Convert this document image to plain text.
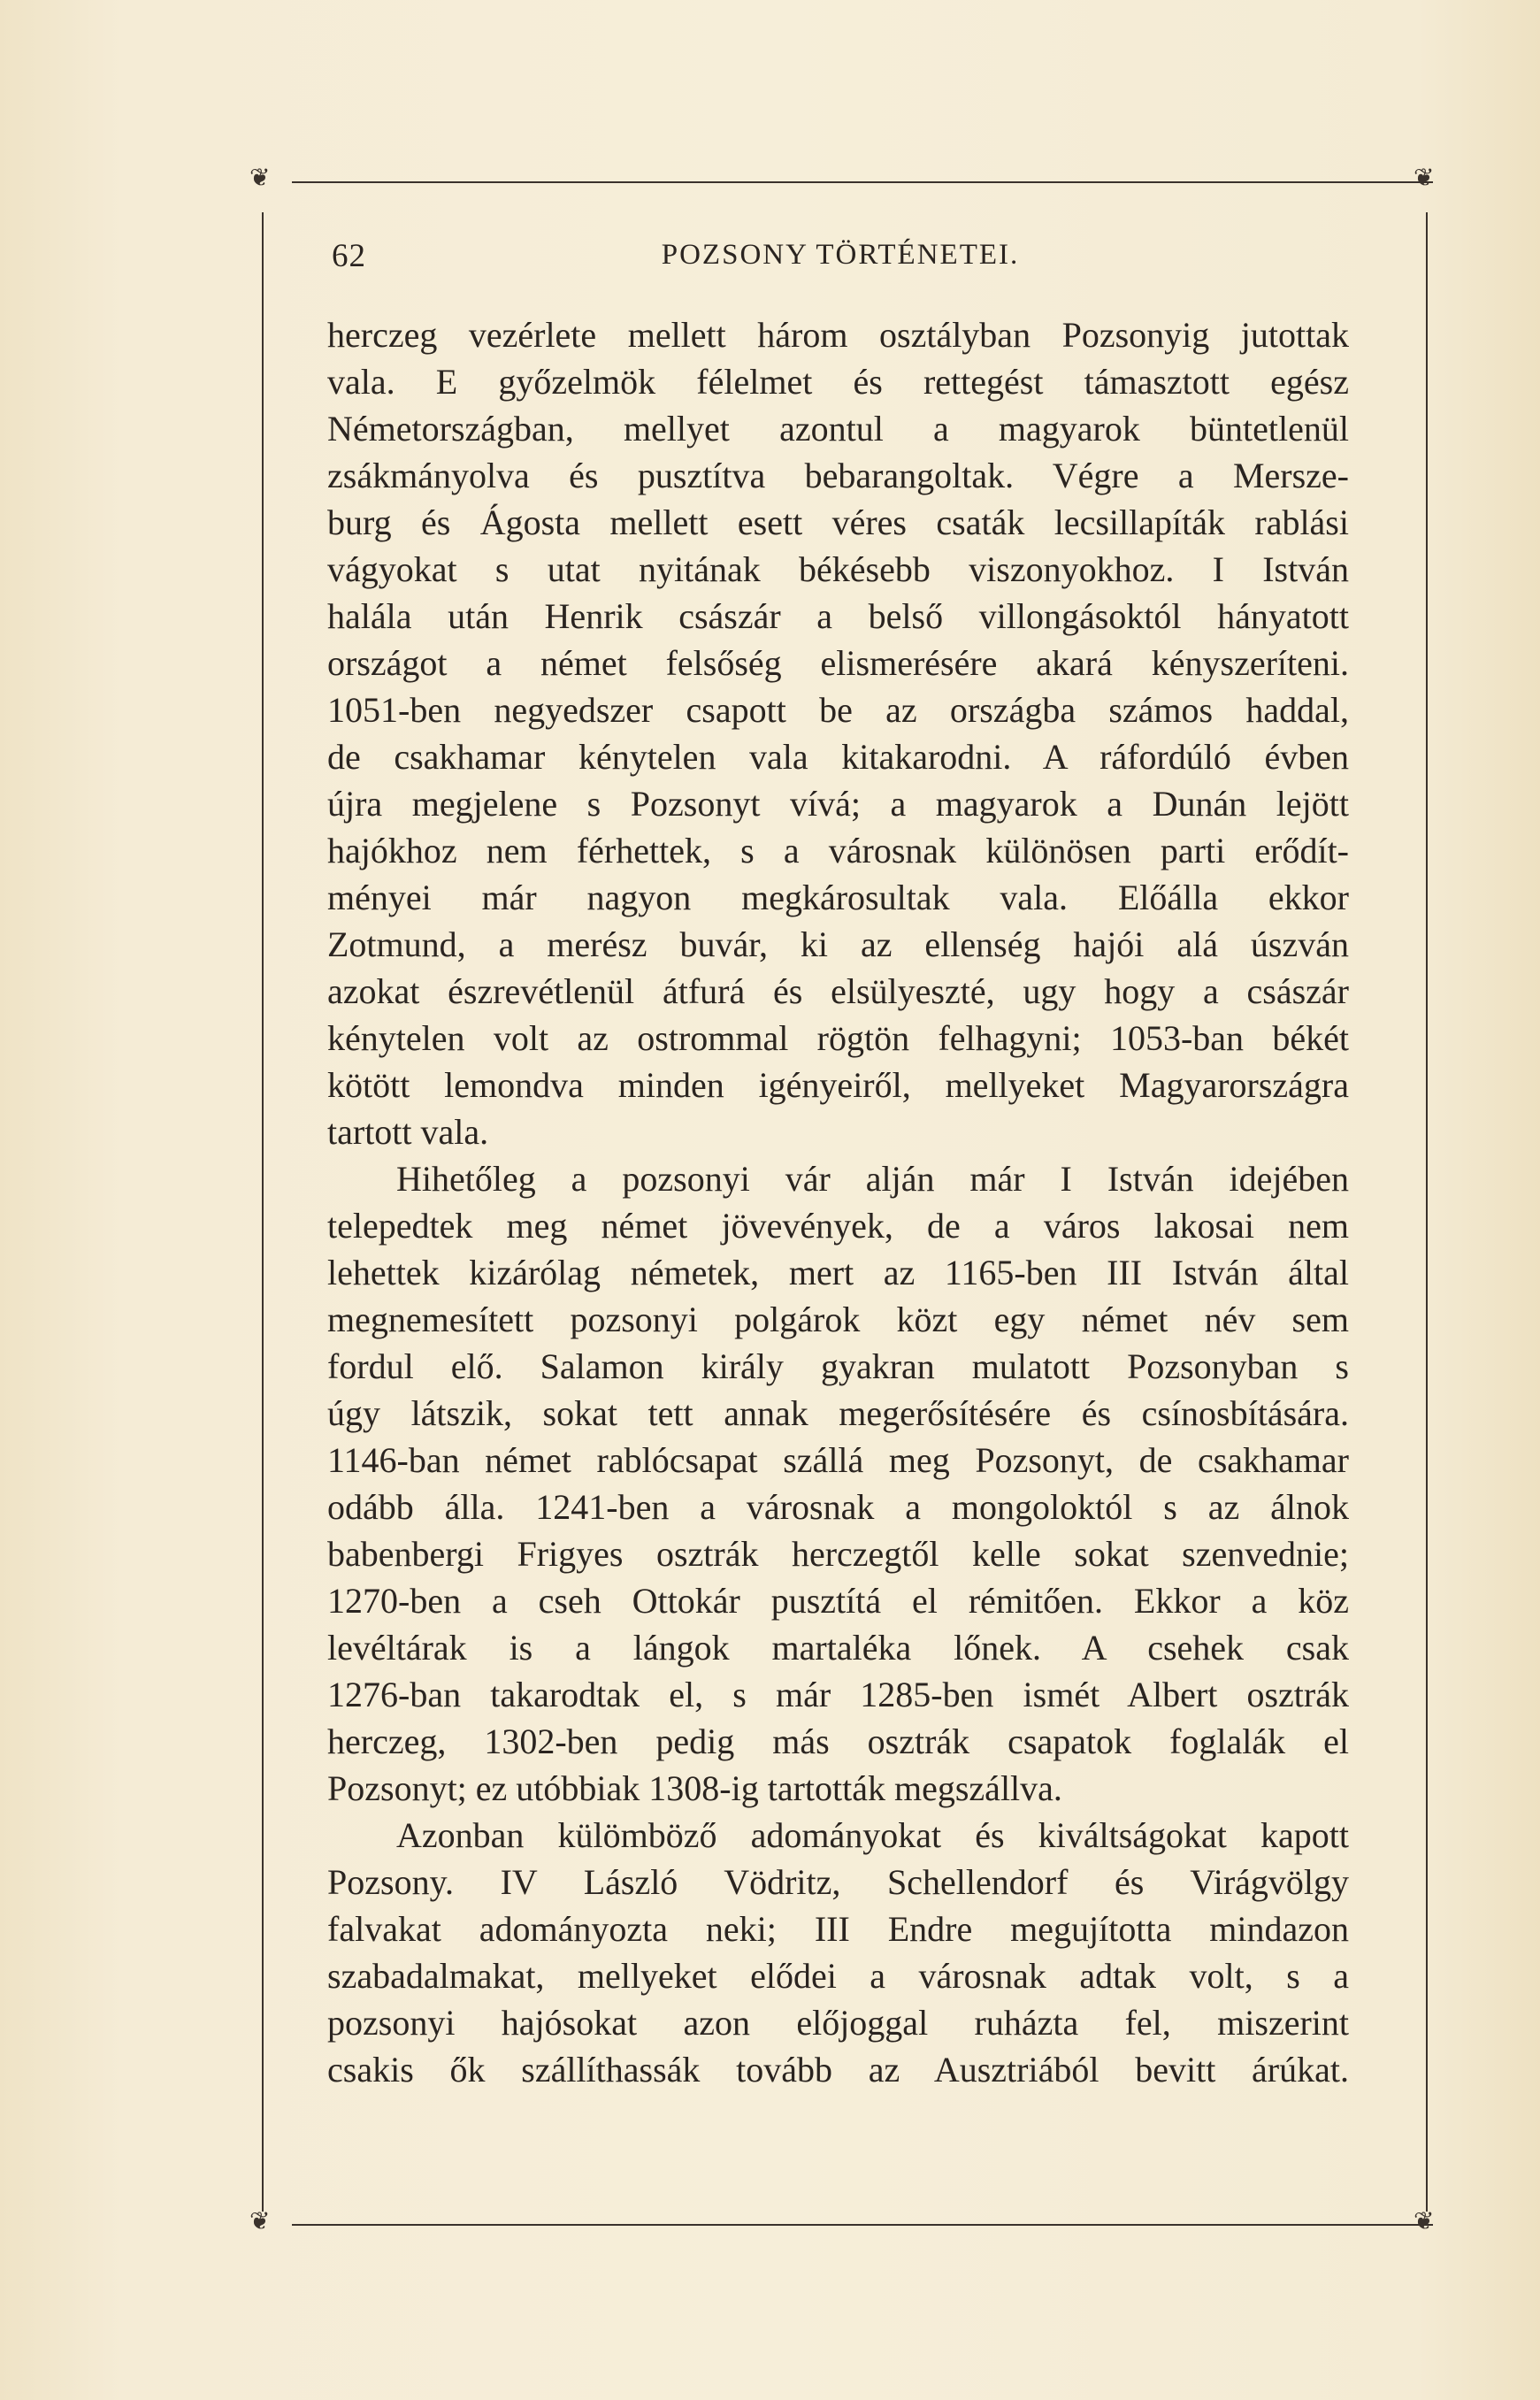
❦	❦
❦	❦
62	POZSONY TÖRTÉNETEI.
herczeg vezérlete mellett három osztályban Pozsonyig jutottak
vala. E győzelmök félelmet és rettegést támasztott egész
Németországban, mellyet azontul a magyarok büntetlenül
zsákmányolva és pusztítva bebarangoltak. Végre a Mersze-
burg és Ágosta mellett esett véres csaták lecsillapíták rablási
vágyokat s utat nyitának békésebb viszonyokhoz. I István
halála után Henrik császár a belső villongásoktól hányatott
országot a német felsőség elismerésére akará kényszeríteni.
1051-ben negyedszer csapott be az országba számos haddal,
de csakhamar kénytelen vala kitakarodni. A ráfordúló évben
újra megjelene s Pozsonyt vívá; a magyarok a Dunán lejött
hajókhoz nem férhettek, s a városnak különösen parti erődít-
ményei már nagyon megkárosultak vala. Előálla ekkor
Zotmund, a merész buvár, ki az ellenség hajói alá úszván
azokat észrevétlenül átfurá és elsülyeszté, ugy hogy a császár
kénytelen volt az ostrommal rögtön felhagyni; 1053-ban békét
kötött lemondva minden igényeiről, mellyeket Magyarországra
tartott vala.
Hihetőleg a pozsonyi vár alján már I István idejében
telepedtek meg német jövevények, de a város lakosai nem
lehettek kizárólag németek, mert az 1165-ben III István által
megnemesített pozsonyi polgárok közt egy német név sem
fordul elő. Salamon király gyakran mulatott Pozsonyban s
úgy látszik, sokat tett annak megerősítésére és csínosbítására.
1146-ban német rablócsapat szállá meg Pozsonyt, de csakhamar
odább álla. 1241-ben a városnak a mongoloktól s az álnok
babenbergi Frigyes osztrák herczegtől kelle sokat szenvednie;
1270-ben a cseh Ottokár pusztítá el rémitően. Ekkor a köz
levéltárak is a lángok martaléka lőnek. A csehek csak
1276-ban takarodtak el, s már 1285-ben ismét Albert osztrák
herczeg, 1302-ben pedig más osztrák csapatok foglalák el
Pozsonyt; ez utóbbiak 1308-ig tartották megszállva.
Azonban külömböző adományokat és kiváltságokat kapott
Pozsony. IV László Vödritz, Schellendorf és Virágvölgy
falvakat adományozta neki; III Endre megujította mindazon
szabadalmakat, mellyeket elődei a városnak adtak volt, s a
pozsonyi hajósokat azon előjoggal ruházta fel, miszerint
csakis ők szállíthassák tovább az Ausztriából bevitt árúkat.
